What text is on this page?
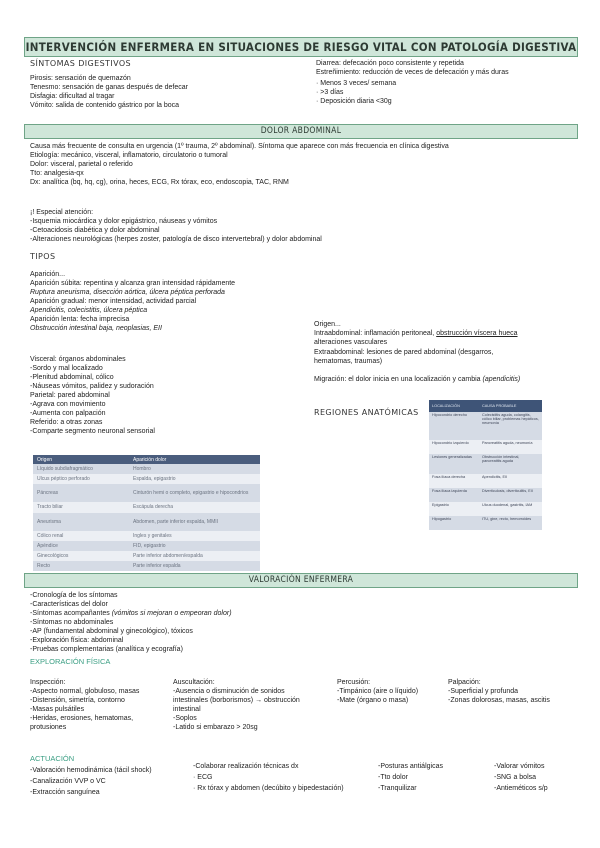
INTERVENCIÓN ENFERMERA EN SITUACIONES DE RIESGO VITAL CON PATOLOGÍA DIGESTIVA
SÍNTOMAS DIGESTIVOS
Pirosis: sensación de quemazón
Tenesmo: sensación de ganas después de defecar
Disfagia: dificultad al tragar
Vómito: salida de contenido gástrico por la boca
Diarrea: defecación poco consistente y repetida
Estreñimiento: reducción de veces de defecación y más duras
· Menos 3 veces/ semana
· >3 días
· Deposición diaria <30g
DOLOR ABDOMINAL
Causa más frecuente de consulta en urgencia (1º trauma, 2º abdominal). Síntoma que aparece con más frecuencia en clínica digestiva
Etiología: mecánico, visceral, inflamatorio, circulatorio o tumoral
Dolor: visceral, parietal o referido
Tto: analgesia-qx
Dx: analítica (bq, hq, cg), orina, heces, ECG, Rx tórax, eco, endoscopia, TAC, RNM
¡! Especial atención:
-Isquemia miocárdica y dolor epigástrico, náuseas y vómitos
-Cetoacidosis diabética y dolor abdominal
-Alteraciones neurológicas (herpes zoster, patología de disco intervertebral) y dolor abdominal
TIPOS
Aparición...
Aparición súbita: repentina y alcanza gran intensidad rápidamente
Ruptura aneurisma, disección aórtica, úlcera péptica perforada
Aparición gradual: menor intensidad, actividad parcial
Apendicitis, colecistitis, úlcera péptica
Aparición lenta: fecha imprecisa
Obstrucción intestinal baja, neoplasias, EII
Origen...
Intraabdominal: inflamación peritoneal, obstrucción víscera hueca
alteraciones vasculares
Extraabdominal: lesiones de pared abdominal (desgarros,
hematomas, traumas)
Migración: el dolor inicia en una localización y cambia (apendicitis)
Visceral: órganos abdominales
-Sordo y mal localizado
-Plenitud abdominal, cólico
-Náuseas vómitos, palidez y sudoración
Parietal: pared abdominal
-Agrava con movimiento
-Aumenta con palpación
Referido: a otras zonas
-Comparte segmento neuronal sensorial
REGIONES ANATÓMICAS
Origen	Aparición dolor
Líquido subdiafragmático	Hombro
Ulcus péptico perforado	Espalda, epigastrio
Páncreas	Cinturón hemi o completo, epigastrio e hipocondrios
Tracto biliar	Escápula derecha
Aneurisma	Abdomen, parte inferior espalda, MMII
Cólico renal	Ingles y genitales
Apéndice	FID, epigastrio
Ginecológicos	Parte inferior abdomen/espalda
Recto	Parte inferior espalda
LOCALIZACIÓN	CAUSA PROBABLE
Hipocondrio derecho	Colecistitis aguda, colangitis, cólico biliar, problemas hepáticos, neumonía
Hipocondrio izquierdo	Pancreatitis aguda, neumonía
Lesiones generalizadas	Obstrucción intestinal, pancreatitis aguda
Fosa ilíaca derecha	Apendicitis, EII
Fosa ilíaca izquierda	Diverticulosis, diverticulitis, EII
Epigastrio	Ulcus duodenal, gastritis, IAM
Hipogastrio	ITU, gine, recto, hemorroides
VALORACIÓN ENFERMERA
-Cronología de los síntomas
-Características del dolor
-Síntomas acompañantes (vómitos si mejoran o empeoran dolor)
-Síntomas no abdominales
-AP (fundamental abdominal y ginecológico), tóxicos
-Exploración física: abdominal
-Pruebas complementarias (analítica y ecografía)
EXPLORACIÓN FÍSICA
Inspección:
-Aspecto normal, globuloso, masas
-Distensión, simetría, contorno
-Masas pulsátiles
-Heridas, erosiones, hematomas,
protusiones
Auscultación:
-Ausencia o disminución de sonidos
intestinales (borborismos) → obstrucción
intestinal
-Soplos
-Latido si embarazo > 20sg
Percusión:
-Timpánico (aire o líquido)
-Mate (órgano o masa)
Palpación:
-Superficial y profunda
-Zonas dolorosas, masas, ascitis
ACTUACIÓN
-Valoración hemodinámica (tácil shock)
-Canalización VVP o VC
-Extracción sanguínea
-Colaborar realización técnicas dx
· ECG
· Rx tórax y abdomen (decúbito y bipedestación)
-Posturas antiálgicas
-Tto dolor
-Tranquilizar
-Valorar vómitos
-SNG a bolsa
-Antieméticos s/p
